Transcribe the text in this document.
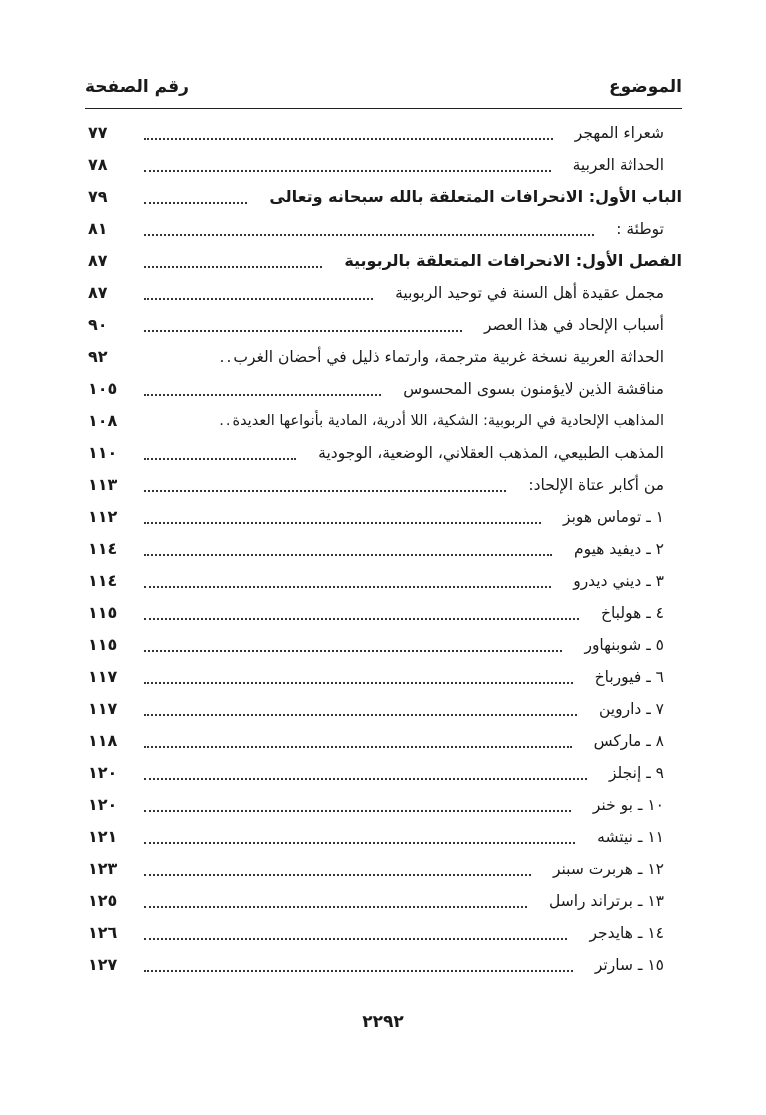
الموضوع
رقم الصفحة
شعراء المهجر
٧٧
الحداثة العربية
٧٨
الباب الأول: الانحرافات المتعلقة بالله سبحانه وتعالى
٧٩
توطئة :
٨١
الفصل الأول: الانحرافات المتعلقة بالربوبية
٨٧
مجمل عقيدة أهل السنة في توحيد الربوبية
٨٧
أسباب الإلحاد في هذا العصر
٩٠
الحداثة العربية نسخة غربية مترجمة، وارتماء ذليل في أحضان الغرب
..
٩٢
مناقشة الذين لايؤمنون بسوى المحسوس
١٠٥
المذاهب الإلحادية في الربوبية: الشكية، اللا أدرية، المادية بأنواعها العديدة
..
١٠٨
المذهب الطبيعي، المذهب العقلاني، الوضعية، الوجودية
١١٠
من أكابر عتاة الإلحاد:
١١٣
١ ـ توماس هوبز
١١٢
٢ ـ ديفيد هيوم
١١٤
٣ ـ ديني ديدرو
١١٤
٤ ـ هولباخ
١١٥
٥ ـ شوبنهاور
١١٥
٦ ـ فيورباخ
١١٧
٧ ـ داروين
١١٧
٨ ـ ماركس
١١٨
٩ ـ إنجلز
١٢٠
١٠ ـ بو خنر
١٢٠
١١ ـ نيتشه
١٢١
١٢ ـ هربرت سبنر
١٢٣
١٣ ـ برتراند راسل
١٢٥
١٤ ـ هايدجر
١٢٦
١٥ ـ سارتر
١٢٧
٢٢٩٢
